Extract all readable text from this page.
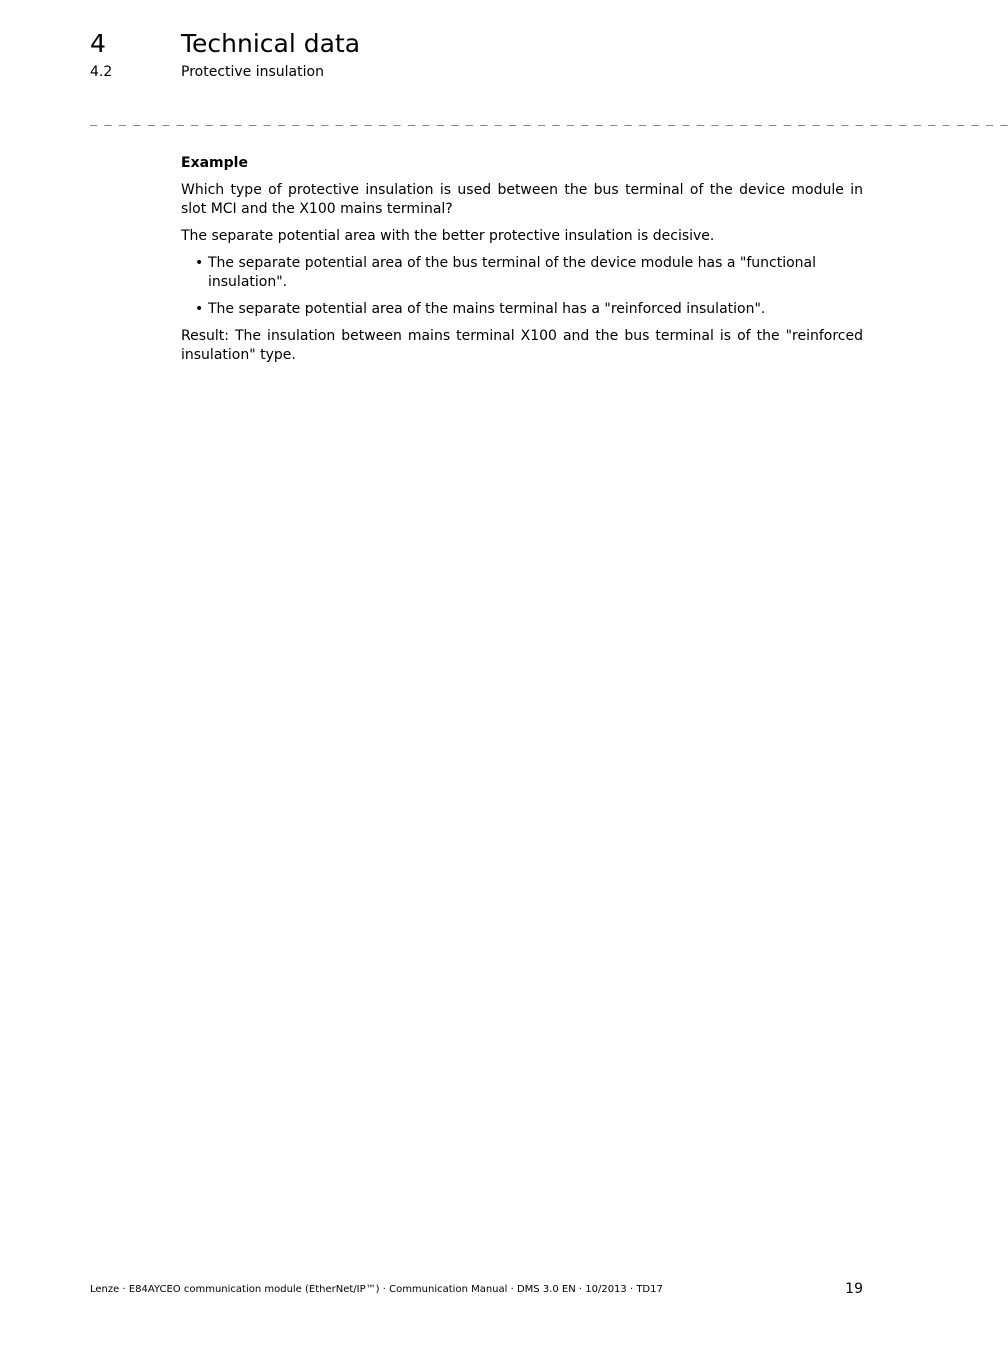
4	Technical data
4.2	Protective insulation
_ _ _ _ _ _ _ _ _ _ _ _ _ _ _ _ _ _ _ _ _ _ _ _ _ _ _ _ _ _ _ _ _ _ _ _ _ _ _ _ _ _ _ _ _ _ _ _ _ _ _ _ _ _ _ _ _ _ _ _ _ _ _ _
Example

Which type of protective insulation is used between the bus terminal of the device module in slot MCI and the X100 mains terminal?

The separate potential area with the better protective insulation is decisive.

• The separate potential area of the bus terminal of the device module has a "functional insulation".
• The separate potential area of the mains terminal has a "reinforced insulation".

Result: The insulation between mains terminal X100 and the bus terminal is of the "reinforced insulation" type.

Lenze · E84AYCEO communication module (EtherNet/IP™) · Communication Manual · DMS 3.0 EN · 10/2013 · TD17	19
